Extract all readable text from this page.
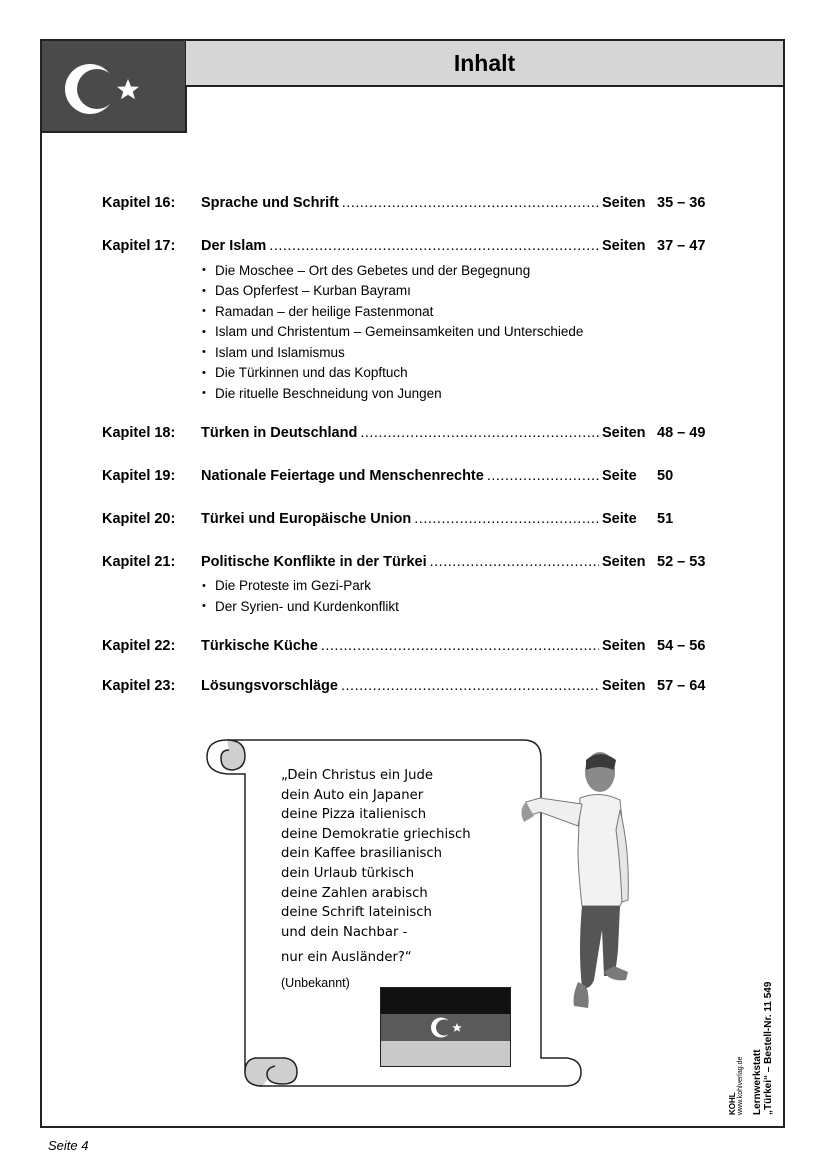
Inhalt
Kapitel 16:	Sprache und Schrift .....	Seiten 35 – 36
Kapitel 17:	Der Islam .....	Seiten 37 – 47
• Die Moschee – Ort des Gebetes und der Begegnung
• Das Opferfest – Kurban Bayramı
• Ramadan – der heilige Fastenmonat
• Islam und Christentum – Gemeinsamkeiten und Unterschiede
• Islam und Islamismus
• Die Türkinnen und das Kopftuch
• Die rituelle Beschneidung von Jungen
Kapitel 18:	Türken in Deutschland .....	Seiten 48 – 49
Kapitel 19:	Nationale Feiertage und Menschenrechte .....	Seite	50
Kapitel 20:	Türkei und Europäische Union .....	Seite	51
Kapitel 21:	Politische Konflikte in der Türkei .....	Seiten 52 – 53
• Die Proteste im Gezi-Park
• Der Syrien- und Kurdenkonflikt
Kapitel 22:	Türkische Küche .....	Seiten 54 – 56
Kapitel 23:	Lösungsvorschläge .....	Seiten 57 – 64
„Dein Christus ein Jude
dein Auto ein Japaner
deine Pizza italienisch
deine Demokratie griechisch
dein Kaffee brasilianisch
dein Urlaub türkisch
deine Zahlen arabisch
deine Schrift lateinisch
und dein Nachbar -
nur ein Ausländer?“
(Unbekannt)
Lernwerkstatt „Türkei“ – Bestell-Nr. 11 549
KOHL www.kohlverlag.de
Seite 4
